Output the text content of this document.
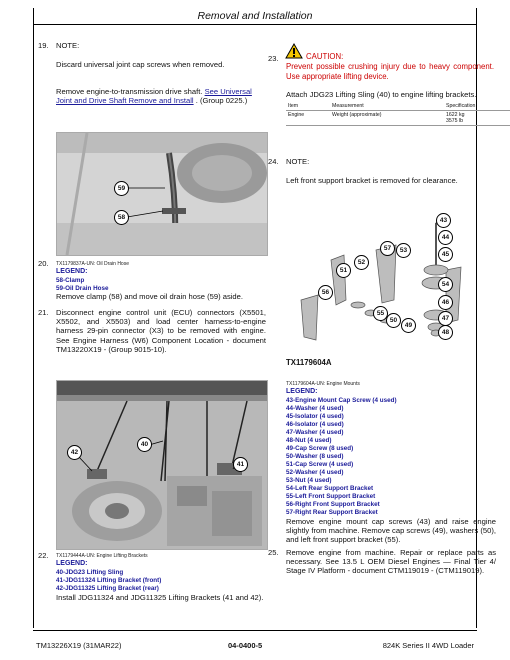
Removal and Installation
19. NOTE:
Discard universal joint cap screws when removed.
Remove engine-to-transmission drive shaft. See Universal Joint and Drive Shaft Remove and Install . (Group 0225.)
59
58
20. TX1179837A-UN: Oil Drain Hose
LEGEND:
58-Clamp
59-Oil Drain Hose
Remove clamp (58) and move oil drain hose (59) aside.
21. Disconnect engine control unit (ECU) connectors (X5501, X5502, and X5503) and load center harness-to-engine harness 29-pin connector (X3) to be removed with engine. See Engine Harness (W6) Component Location - document TM13220X19 - (Group 9015-10).
40
42
41
22. TX1179444A-UN: Engine Lifting Brackets
LEGEND:
40-JDG23 Lifting Sling
41-JDG11324 Lifting Bracket (front)
42-JDG11325 Lifting Bracket (rear)
Install JDG11324 and JDG11325 Lifting Brackets (41 and 42).
23.	CAUTION:
Prevent possible crushing injury due to heavy component. Use appropriate lifting device.
Attach JDG23 Lifting Sling (40) to engine lifting brackets.
Item	Measurement	Specification
Engine	Weight (approximate)	1622 kg
3575 lb
24. NOTE:
Left front support bracket is removed for clearance.
43
44
45
57	53
51
52
54
56
46
55
50
49
47
48
TX1179604A
TX1179604A-UN: Engine Mounts
LEGEND:
43-Engine Mount Cap Screw (4 used)
44-Washer (4 used)
45-Isolator (4 used)
46-Isolator (4 used)
47-Washer (4 used)
48-Nut (4 used)
49-Cap Screw (8 used)
50-Washer (8 used)
51-Cap Screw (4 used)
52-Washer (4 used)
53-Nut (4 used)
54-Left Rear Support Bracket
55-Left Front Support Bracket
56-Right Front Support Bracket
57-Right Rear Support Bracket
Remove engine mount cap screws (43) and raise engine slightly from machine. Remove cap screws (49), washers (50), and left front support bracket (55).
25. Remove engine from machine. Repair or replace parts as necessary. See 13.5 L OEM Diesel Engines — Final Tier 4/ Stage IV Platform - document CTM119019 - (CTM119019).
TM13226X19 (31MAR22)	04-0400-5	824K Series II 4WD Loader
